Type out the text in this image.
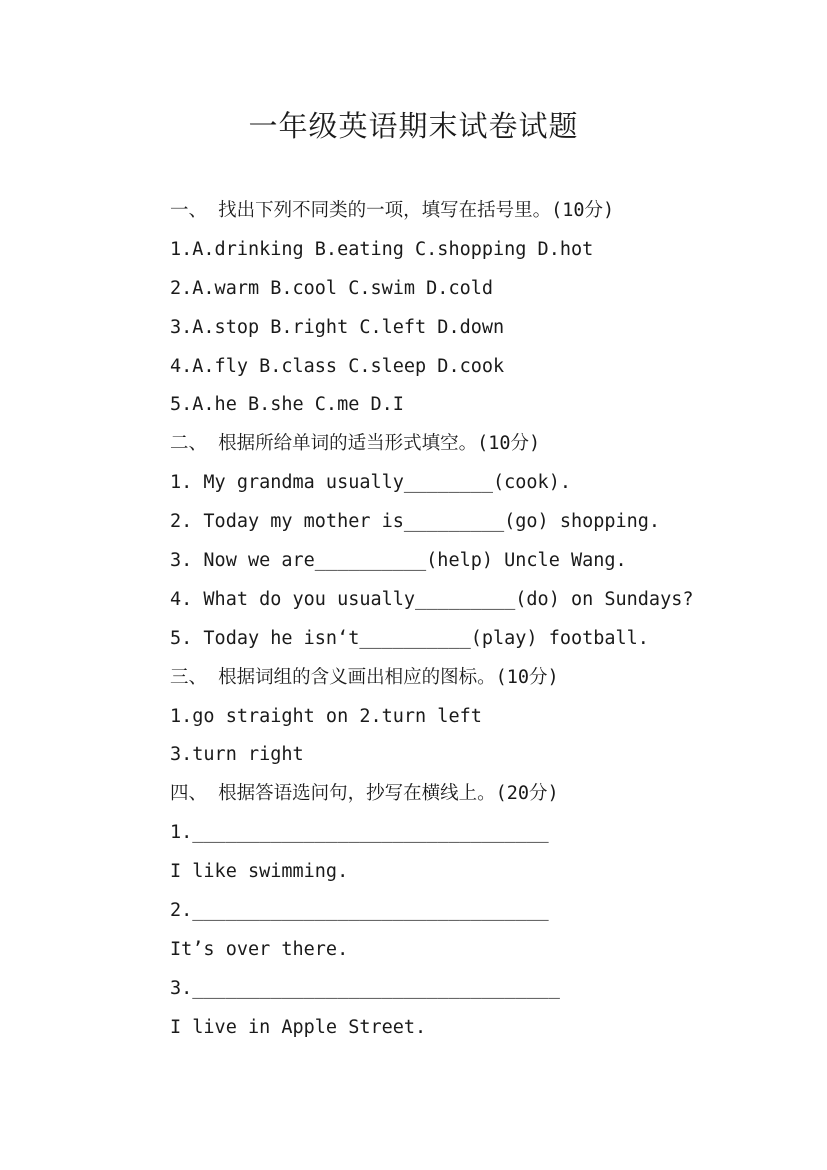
一年级英语期末试卷试题
一、 找出下列不同类的一项，填写在括号里。(10分)
1.A.drinking B.eating C.shopping D.hot
2.A.warm B.cool C.swim D.cold
3.A.stop B.right C.left D.down
4.A.fly B.class C.sleep D.cook
5.A.he B.she C.me D.I
二、 根据所给单词的适当形式填空。(10分)
1. My grandma usually________(cook).
2. Today my mother is_________(go) shopping.
3. Now we are__________(help) Uncle Wang.
4. What do you usually_________(do) on Sundays?
5. Today he isn‘t__________(play) football.
三、 根据词组的含义画出相应的图标。(10分)
1.go straight on 2.turn left
3.turn right
四、 根据答语选问句，抄写在横线上。(20分)
1.________________________________
I like swimming.
2.________________________________
It’s over there.
3._________________________________
I live in Apple Street.
